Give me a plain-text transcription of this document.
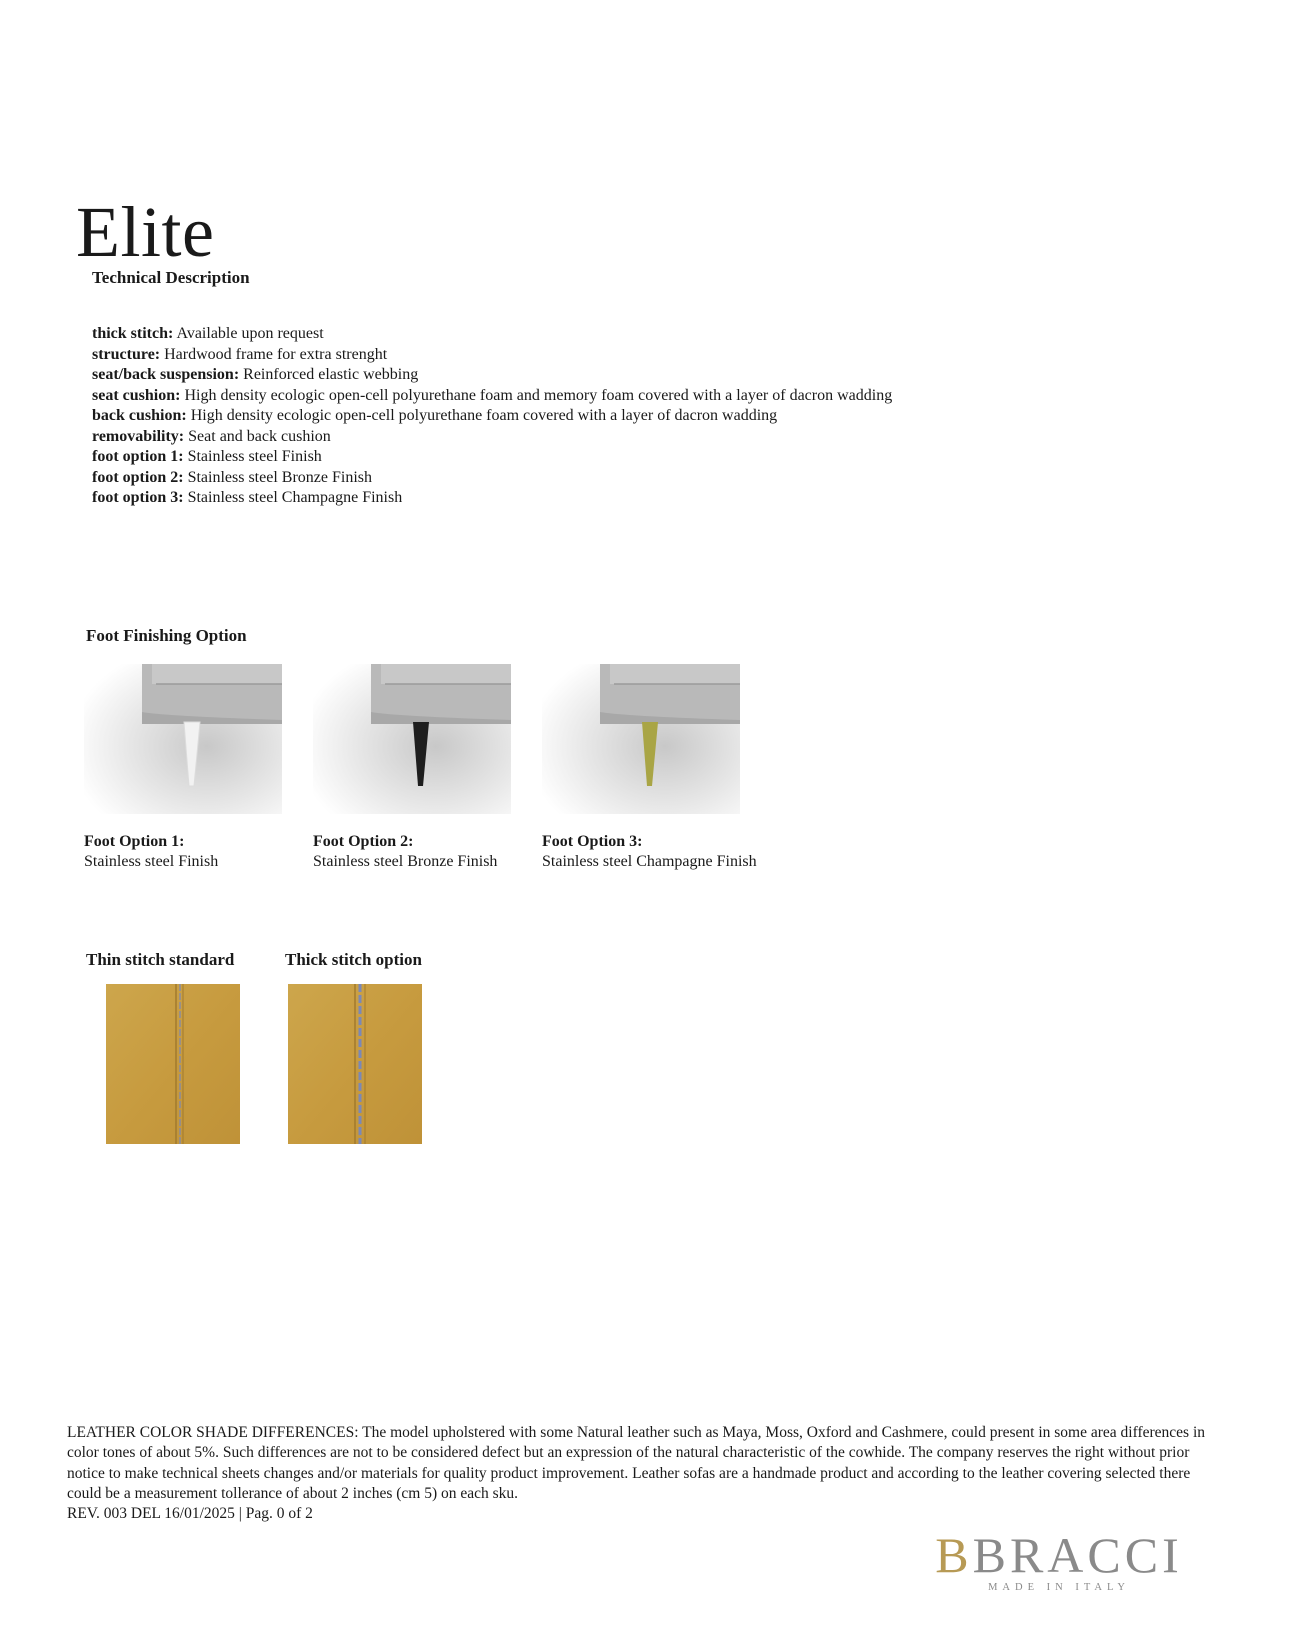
Elite
Technical Description
thick stitch: Available upon request
structure: Hardwood frame for extra strenght
seat/back suspension: Reinforced elastic webbing
seat cushion: High density ecologic open-cell polyurethane foam and memory foam covered with a layer of dacron wadding
back cushion: High density ecologic open-cell polyurethane foam covered with a layer of dacron wadding
removability: Seat and back cushion
foot option 1: Stainless steel Finish
foot option 2: Stainless steel Bronze Finish
foot option 3: Stainless steel Champagne Finish
Foot Finishing Option
Foot Option 1:
Stainless steel Finish
Foot Option 2:
Stainless steel Bronze Finish
Foot Option 3:
Stainless steel Champagne Finish
Thin stitch standard	Thick stitch option
LEATHER COLOR SHADE DIFFERENCES: The model upholstered with some Natural leather such as Maya, Moss, Oxford and Cashmere, could present in some area differences in color tones of about 5%. Such differences are not to be considered defect but an expression of the natural characteristic of the cowhide. The company reserves the right without prior notice to make technical sheets changes and/or materials for quality product improvement. Leather sofas are a handmade product and according to the leather covering selected there could be a measurement tollerance of about 2 inches (cm 5) on each sku.
REV. 003 DEL 16/01/2025 | Pag. 0 of 2
BBRACCI
MADE IN ITALY
